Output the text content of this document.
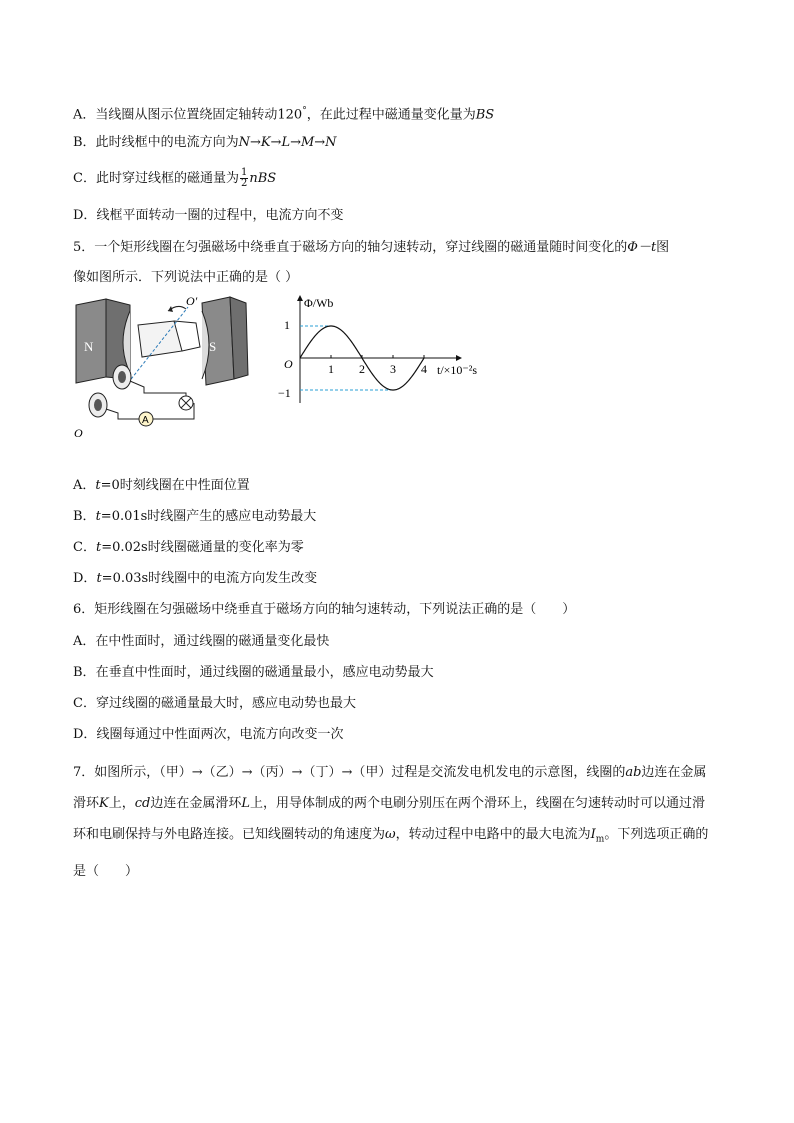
A．当线圈从图示位置绕固定轴转动120°，在此过程中磁通量变化量为BS
B．此时线框中的电流方向为N→K→L→M→N
C．此时穿过线框的磁通量为 $\frac{1}{2}$ nBS
D．线框平面转动一圈的过程中，电流方向不变
5．一个矩形线圈在匀强磁场中绕垂直于磁场方向的轴匀速转动，穿过线圈的磁通量随时间变化的Φ－t图
像如图所示．下列说法中正确的是（ ）
N	S
O′
A
O
Φ/Wb
t/×10⁻²s
O
1
−1
1 2 3 4
A．t=0时刻线圈在中性面位置
B．t=0.01s时线圈产生的感应电动势最大
C．t=0.02s时线圈磁通量的变化率为零
D．t=0.03s时线圈中的电流方向发生改变
6．矩形线圈在匀强磁场中绕垂直于磁场方向的轴匀速转动，下列说法正确的是（　　）
A．在中性面时，通过线圈的磁通量变化最快
B．在垂直中性面时，通过线圈的磁通量最小，感应电动势最大
C．穿过线圈的磁通量最大时，感应电动势也最大
D．线圈每通过中性面两次，电流方向改变一次
7．如图所示，（甲）→（乙）→（丙）→（丁）→（甲）过程是交流发电机发电的示意图，线圈的ab边连在金属滑环K上，cd边连在金属滑环L上，用导体制成的两个电刷分别压在两个滑环上，线圈在匀速转动时可以通过滑环和电刷保持与外电路连接。已知线圈转动的角速度为ω，转动过程中电路中的最大电流为$I_m$。下列选项正确的是（　　）
